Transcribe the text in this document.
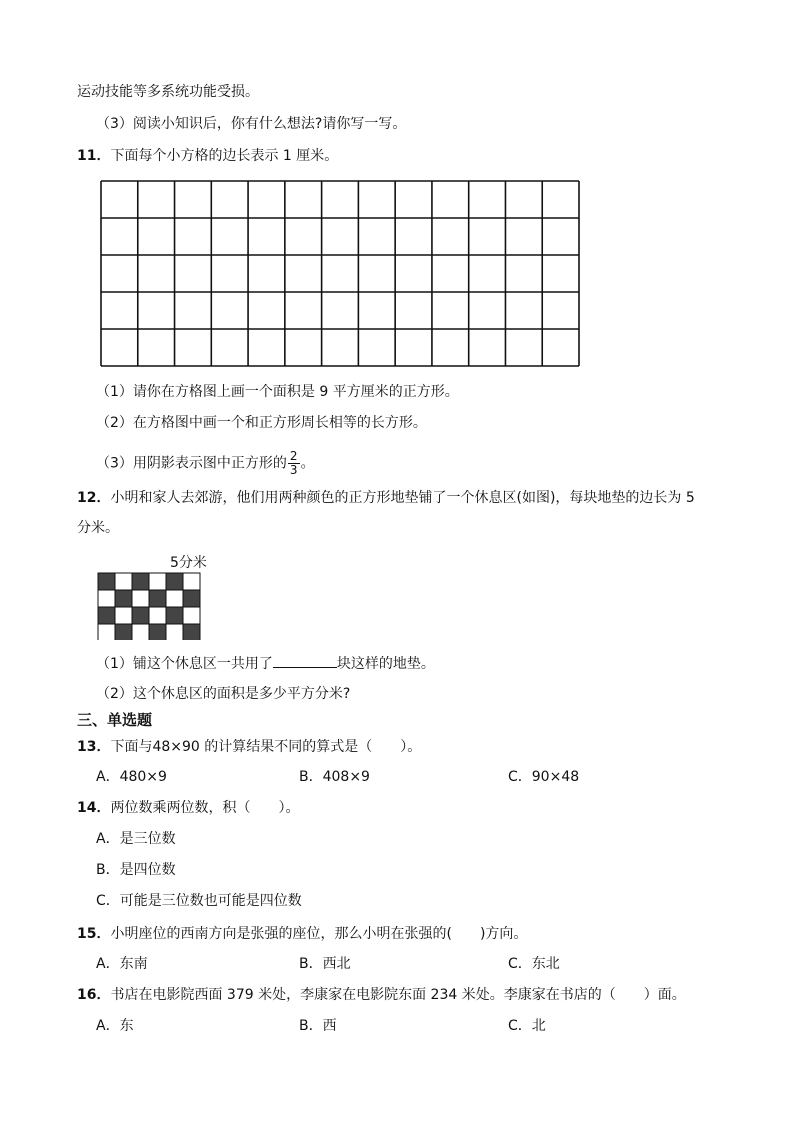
运动技能等多系统功能受损。
（3）阅读小知识后，你有什么想法?请你写一写。
11．下面每个小方格的边长表示 1 厘米。
（1）请你在方格图上画一个面积是 9 平方厘米的正方形。
（2）在方格图中画一个和正方形周长相等的长方形。
（3）用阴影表示图中正方形的 $\frac{2}{3}$ 。
12．小明和家人去郊游，他们用两种颜色的正方形地垫铺了一个休息区(如图)，每块地垫的边长为 5
分米。
5分米
（1）铺这个休息区一共用了	块这样的地垫。
（2）这个休息区的面积是多少平方分米?
三、单选题
13．下面与48×90 的计算结果不同的算式是（　　）。
A．480×9	B．408×9	C．90×48
14．两位数乘两位数，积（　　）。
A．是三位数
B．是四位数
C．可能是三位数也可能是四位数
15．小明座位的西南方向是张强的座位，那么小明在张强的(　　)方向。
A．东南	B．西北	C．东北
16．书店在电影院西面 379 米处，李康家在电影院东面 234 米处。李康家在书店的（　　）面。
A．东	B．西	C．北
